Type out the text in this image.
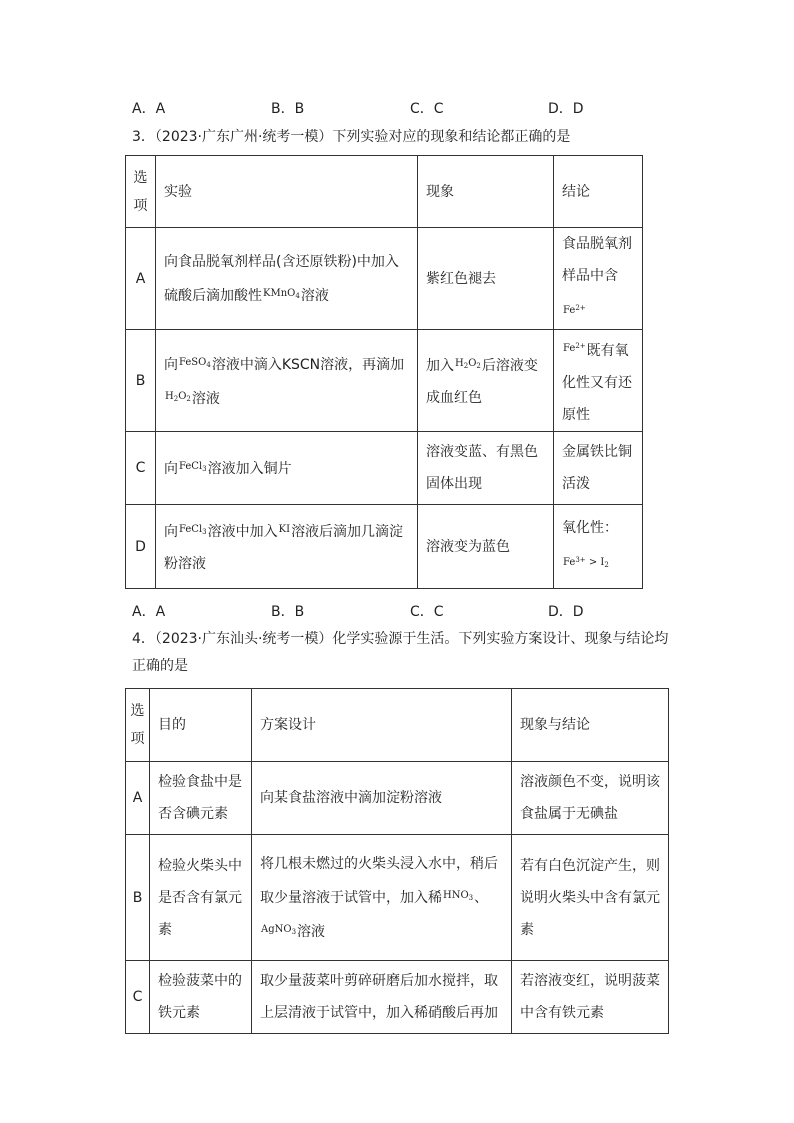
A．A	B．B	C．C	D．D
3．（2023·广东广州·统考一模）下列实验对应的现象和结论都正确的是
选项	实验	现象	结论
A	向食品脱氧剂样品(含还原铁粉)中加入硫酸后滴加酸性$^{KMnO_4}$溶液	紫红色褪去	食品脱氧剂样品中含$^{Fe^{2+}}$
B	向$^{FeSO_4}$溶液中滴入KSCN溶液，再滴加$^{H_2O_2}$溶液	加入$^{H_2O_2}$后溶液变成血红色	$^{Fe^{2+}}$既有氧化性又有还原性
C	向$^{FeCl_3}$溶液加入铜片	溶液变蓝、有黑色固体出现	金属铁比铜活泼
D	向$^{FeCl_3}$溶液中加入$^{KI}$溶液后滴加几滴淀粉溶液	溶液变为蓝色	氧化性：
$^{Fe^{3+} > I_2}$
A．A	B．B	C．C	D．D
4．（2023·广东汕头·统考一模）化学实验源于生活。下列实验方案设计、现象与结论均正确的是
选项	目的	方案设计	现象与结论
A	检验食盐中是否含碘元素	向某食盐溶液中滴加淀粉溶液	溶液颜色不变，说明该食盐属于无碘盐
B	检验火柴头中是否含有氯元素	将几根未燃过的火柴头浸入水中，稍后取少量溶液于试管中，加入稀$^{HNO_3}$、$^{AgNO_3}$溶液	若有白色沉淀产生，则说明火柴头中含有氯元素
C	检验菠菜中的铁元素	取少量菠菜叶剪碎研磨后加水搅拌，取上层清液于试管中，加入稀硝酸后再加	若溶液变红，说明菠菜中含有铁元素
